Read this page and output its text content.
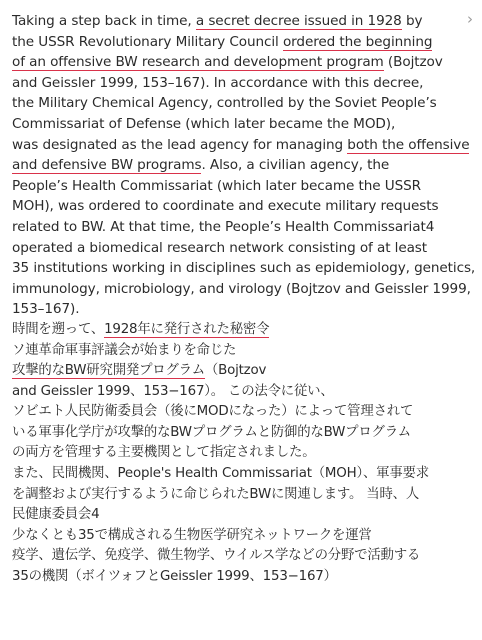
Taking a step back in time, a secret decree issued in 1928 by
the USSR Revolutionary Military Council ordered the beginning
of an offensive BW research and development program (Bojtzov
and Geissler 1999, 153–167). In accordance with this decree,
the Military Chemical Agency, controlled by the Soviet People’s
Commissariat of Defense (which later became the MOD),
was designated as the lead agency for managing both the offensive
and defensive BW programs. Also, a civilian agency, the
People’s Health Commissariat (which later became the USSR
MOH), was ordered to coordinate and execute military requests
related to BW. At that time, the People’s Health Commissariat4
operated a biomedical research network consisting of at least
35 institutions working in disciplines such as epidemiology, genetics,
immunology, microbiology, and virology (Bojtzov and Geissler 1999,
153–167).
時間を遡って、1928年に発行された秘密令
ソ連革命軍事評議会が始まりを命じた
攻撃的なBW研究開発プログラム（Bojtzov
and Geissler 1999、153−167）。 この法令に従い、
ソビエト人民防衛委員会（後にMODになった）によって管理されて
いる軍事化学庁が攻撃的なBWプログラムと防御的なBWプログラム
の両方を管理する主要機関として指定されました。
また、民間機関、People's Health Commissariat（MOH）、軍事要求
を調整および実行するように命じられたBWに関連します。 当時、人
民健康委員会4
少なくとも35で構成される生物医学研究ネットワークを運営
疫学、遺伝学、免疫学、微生物学、ウイルス学などの分野で活動する
35の機関（ボイツォフとGeissler 1999、153−167）
›
